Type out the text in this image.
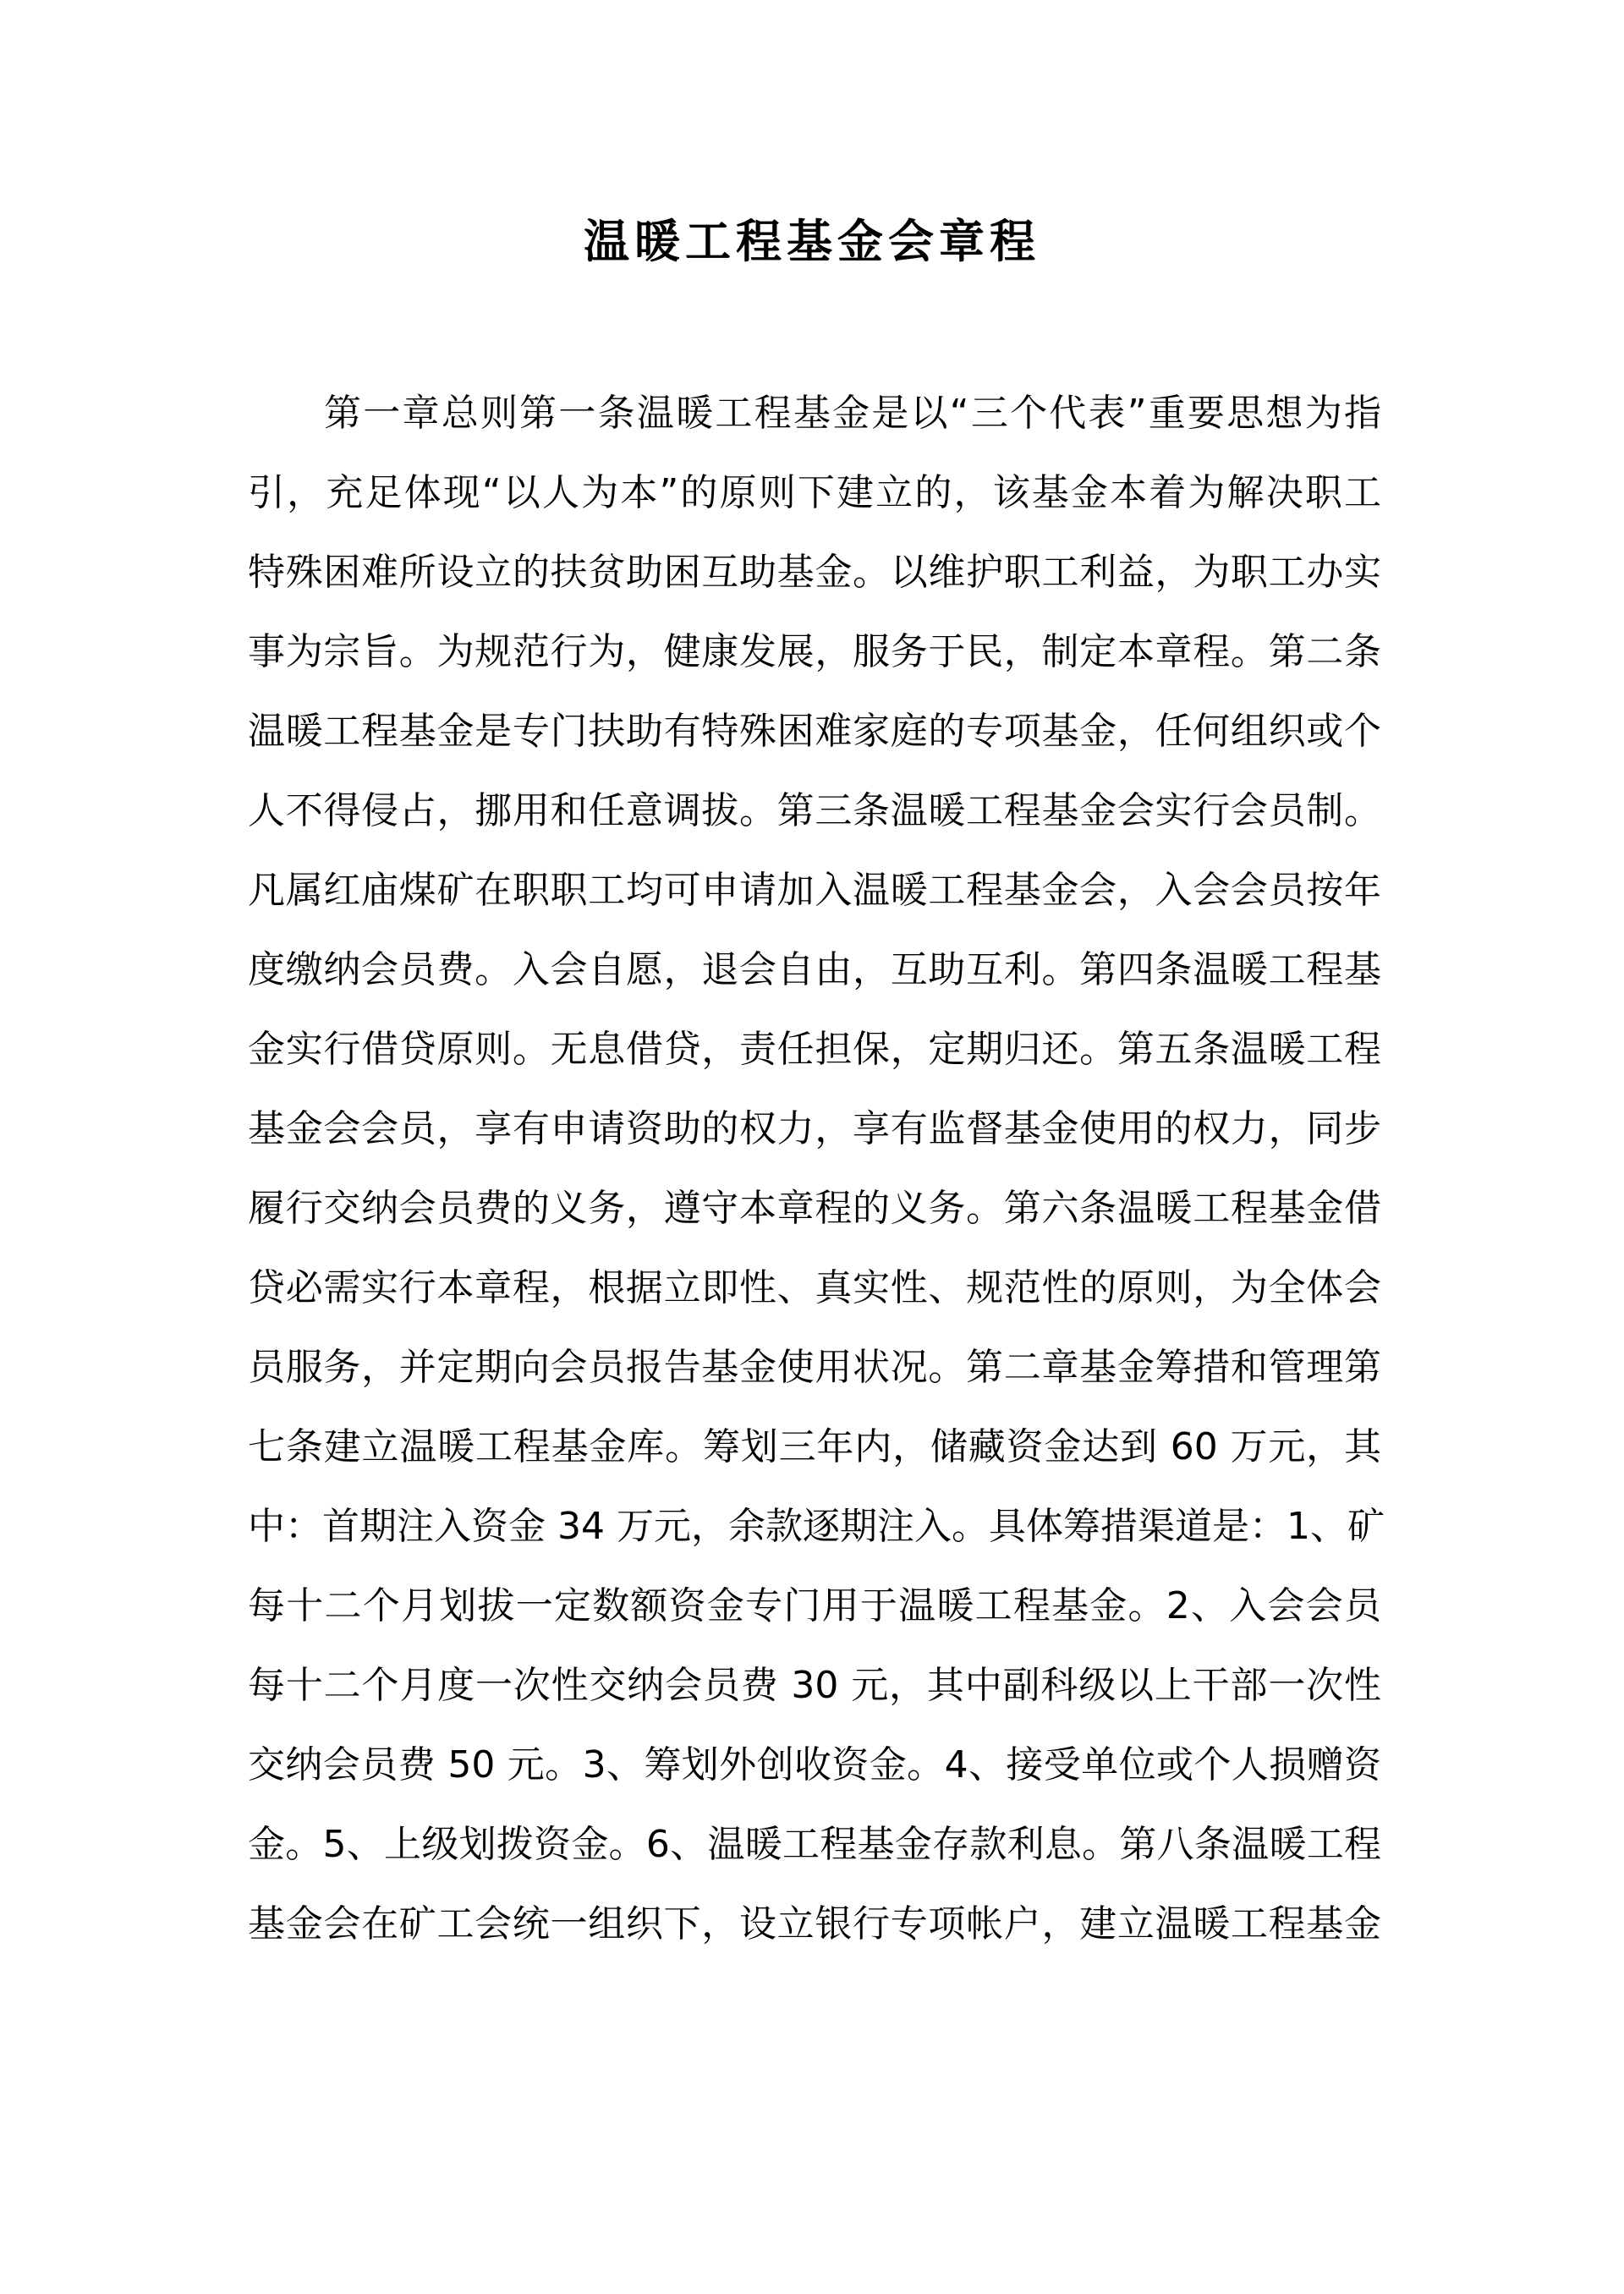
温暖工程基金会章程
第一章总则第一条温暖工程基金是以“三个代表”重要思想为指
引，充足体现“以人为本”的原则下建立的，该基金本着为解决职工
特殊困难所设立的扶贫助困互助基金。以维护职工利益，为职工办实
事为宗旨。为规范行为，健康发展，服务于民，制定本章程。第二条
温暖工程基金是专门扶助有特殊困难家庭的专项基金，任何组织或个
人不得侵占，挪用和任意调拔。第三条温暖工程基金会实行会员制。
凡属红庙煤矿在职职工均可申请加入温暖工程基金会，入会会员按年
度缴纳会员费。入会自愿，退会自由，互助互利。第四条温暖工程基
金实行借贷原则。无息借贷，责任担保，定期归还。第五条温暖工程
基金会会员，享有申请资助的权力，享有监督基金使用的权力，同步
履行交纳会员费的义务，遵守本章程的义务。第六条温暖工程基金借
贷必需实行本章程，根据立即性、真实性、规范性的原则，为全体会
员服务，并定期向会员报告基金使用状况。第二章基金筹措和管理第
七条建立温暖工程基金库。筹划三年内，储藏资金达到 60 万元，其
中：首期注入资金 34 万元，余款逐期注入。具体筹措渠道是：1、矿
每十二个月划拔一定数额资金专门用于温暖工程基金。2、入会会员
每十二个月度一次性交纳会员费 30 元，其中副科级以上干部一次性
交纳会员费 50 元。3、筹划外创收资金。4、接受单位或个人损赠资
金。5、上级划拨资金。6、温暖工程基金存款利息。第八条温暖工程
基金会在矿工会统一组织下，设立银行专项帐户，建立温暖工程基金
